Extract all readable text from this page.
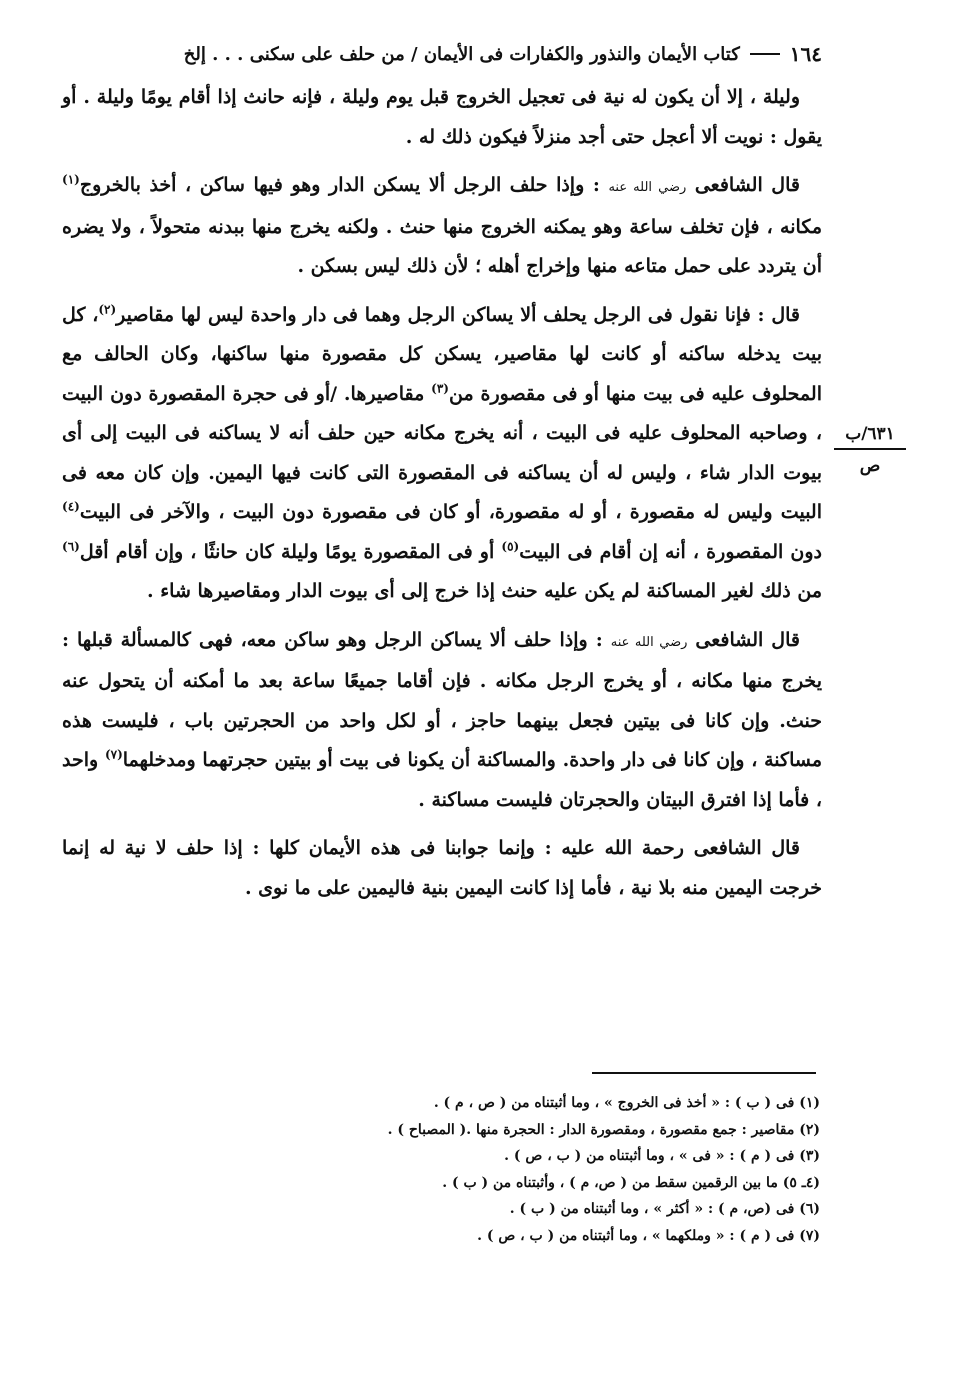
١٦٤
كتاب الأيمان والنذور والكفارات فى الأيمان / من حلف على سكنى . . . إلخ

وليلة ، إلا أن يكون له نية فى تعجيل الخروج قبل يوم وليلة ، فإنه حانث إذا أقام يومًا وليلة . أو يقول : نويت ألا أعجل حتى أجد منزلاً فيكون ذلك له .

قال الشافعى رضي الله عنه : وإذا حلف الرجل ألا يسكن الدار وهو فيها ساكن ، أخذ بالخروج$^{(١)}$ مكانه ، فإن تخلف ساعة وهو يمكنه الخروج منها حنث . ولكنه يخرج منها ببدنه متحولاً ، ولا يضره أن يتردد على حمل متاعه منها وإخراج أهله ؛ لأن ذلك ليس بسكن .

قال : فإنا نقول فى الرجل يحلف ألا يساكن الرجل وهما فى دار واحدة ليس لها مقاصير$^{(٢)}$، كل بيت يدخله ساكنه أو كانت لها مقاصير، يسكن كل مقصورة منها ساكنها، وكان الحالف مع المحلوف عليه فى بيت منها أو فى مقصورة من$^{(٣)}$ مقاصيرها. /أو فى حجرة المقصورة دون البيت ، وصاحبه المحلوف عليه فى البيت ، أنه يخرج مكانه حين حلف أنه لا يساكنه فى البيت إلى أى بيوت الدار شاء ، وليس له أن يساكنه فى المقصورة التى كانت فيها اليمين. وإن كان معه فى البيت وليس له مقصورة ، أو له مقصورة، أو كان فى مقصورة دون البيت ، والآخر فى البيت$^{(٤)}$ دون المقصورة ، أنه إن أقام فى البيت$^{(٥)}$ أو فى المقصورة يومًا وليلة كان حانثًا ، وإن أقام أقل$^{(٦)}$ من ذلك لغير المساكنة لم يكن عليه حنث إذا خرج إلى أى بيوت الدار ومقاصيرها شاء .

قال الشافعى رضي الله عنه : وإذا حلف ألا يساكن الرجل وهو ساكن معه، فهى كالمسألة قبلها : يخرج منها مكانه ، أو يخرج الرجل مكانه . فإن أقاما جميعًا ساعة بعد ما أمكنه أن يتحول عنه حنث. وإن كانا فى بيتين فجعل بينهما حاجز ، أو لكل واحد من الحجرتين باب ، فليست هذه مساكنة ، وإن كانا فى دار واحدة. والمساكنة أن يكونا فى بيت أو بيتين حجرتهما ومدخلهما$^{(٧)}$ واحد ، فأما إذا افترق البيتان والحجرتان فليست مساكنة .

قال الشافعى رحمة الله عليه : وإنما جوابنا فى هذه الأيمان كلها : إذا حلف لا نية له إنما خرجت اليمين منه بلا نية ، فأما إذا كانت اليمين بنية فاليمين على ما نوى .

٦٣١/ب
ص
(١) فى ( ب ) : « أخذ فى الخروج » ، وما أثبتناه من ( ص ، م ) .
(٢) مقاصير : جمع مقصورة ، ومقصورة الدار : الحجرة منها .( المصباح ) .
(٣) فى ( م ) : « فى » ، وما أثبتناه من ( ب ، ص ) .
(٤ـ ٥) ما بين الرقمين سقط من ( ص، م ) ، وأثبتناه من ( ب ) .
(٦) فى (ص، م ) : « أكثر » ، وما أثبتناه من ( ب ) .
(٧) فى ( م ) : « وملكهما » ، وما أثبتناه من ( ب ، ص ) .
